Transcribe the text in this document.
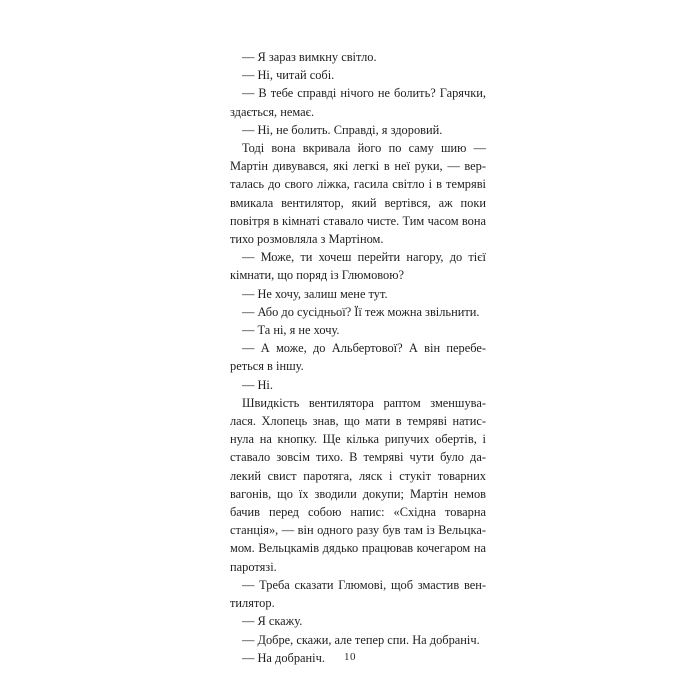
— Я зараз вимкну світло.

— Ні, читай собі.

— В тебе справді нічого не болить? Гарячки, здається, немає.

— Ні, не болить. Справді, я здоровий.

Тоді вона вкривала його по саму шию — Мартін дивувався, які легкі в неї руки, — верталась до свого ліжка, гасила світло і в темряві вмикала вентилятор, який вертівся, аж поки повітря в кімнаті ставало чисте. Тим часом вона тихо розмовляла з Мартіном.

— Може, ти хочеш перейти нагору, до тієї кімнати, що поряд із Глюмовою?

— Не хочу, залиш мене тут.

— Або до сусідньої? Її теж можна звільнити.

— Та ні, я не хочу.

— А може, до Альбертової? А він перебереться в іншу.

— Ні.

Швидкість вентилятора раптом зменшувалася. Хлопець знав, що мати в темряві натиснула на кнопку. Ще кілька рипучих обертів, і ставало зовсім тихо. В темряві чути було далекий свист паротяга, ляск і стукіт товарних вагонів, що їх зводили докупи; Мартін немов бачив перед собою напис: «Східна товарна станція», — він одного разу був там із Вельцкамом. Вельцкамів дядько працював кочегаром на паротязі.

— Треба сказати Глюмові, щоб змастив вентилятор.

— Я скажу.

— Добре, скажи, але тепер спи. На добраніч.

— На добраніч.	10
